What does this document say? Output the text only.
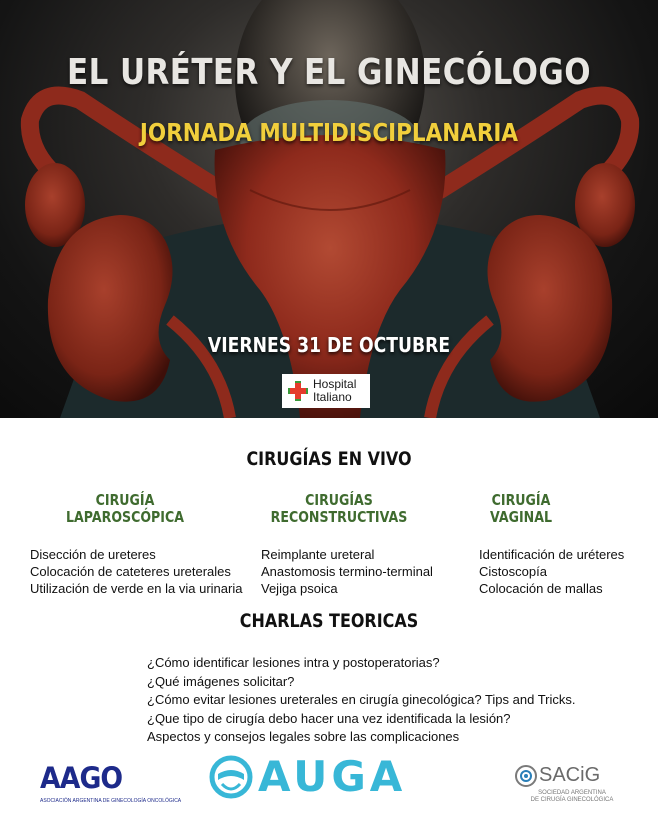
EL URÉTER Y EL GINECÓLOGO
JORNADA MULTIDISCIPLANARIA

VIERNES 31 DE OCTUBRE

Hospital
Italiano
CIRUGÍAS EN VIVO
CIRUGÍA
LAPAROSCÓPICA
CIRUGÍAS
RECONSTRUCTIVAS
CIRUGÍA
VAGINAL
Disección de ureteres
Colocación de cateteres ureterales
Utilización de verde en la via urinaria
Reimplante ureteral
Anastomosis termino-terminal
Vejiga psoica
Identificación de uréteres
Cistoscopía
Colocación de mallas
CHARLAS TEORICAS
¿Cómo identificar lesiones intra y postoperatorias?
¿Qué imágenes solicitar?
¿Cómo evitar lesiones ureterales en cirugía ginecológica? Tips and Tricks.
¿Que tipo de cirugía debo hacer una vez identificada la lesión?
Aspectos y consejos legales sobre las complicaciones
AAGO
ASOCIACIÓN ARGENTINA DE GINECOLOGÍA ONCOLÓGICA AUGA	SACiG
SOCIEDAD ARGENTINA
DE CIRUGÍA GINECOLÓGICA
